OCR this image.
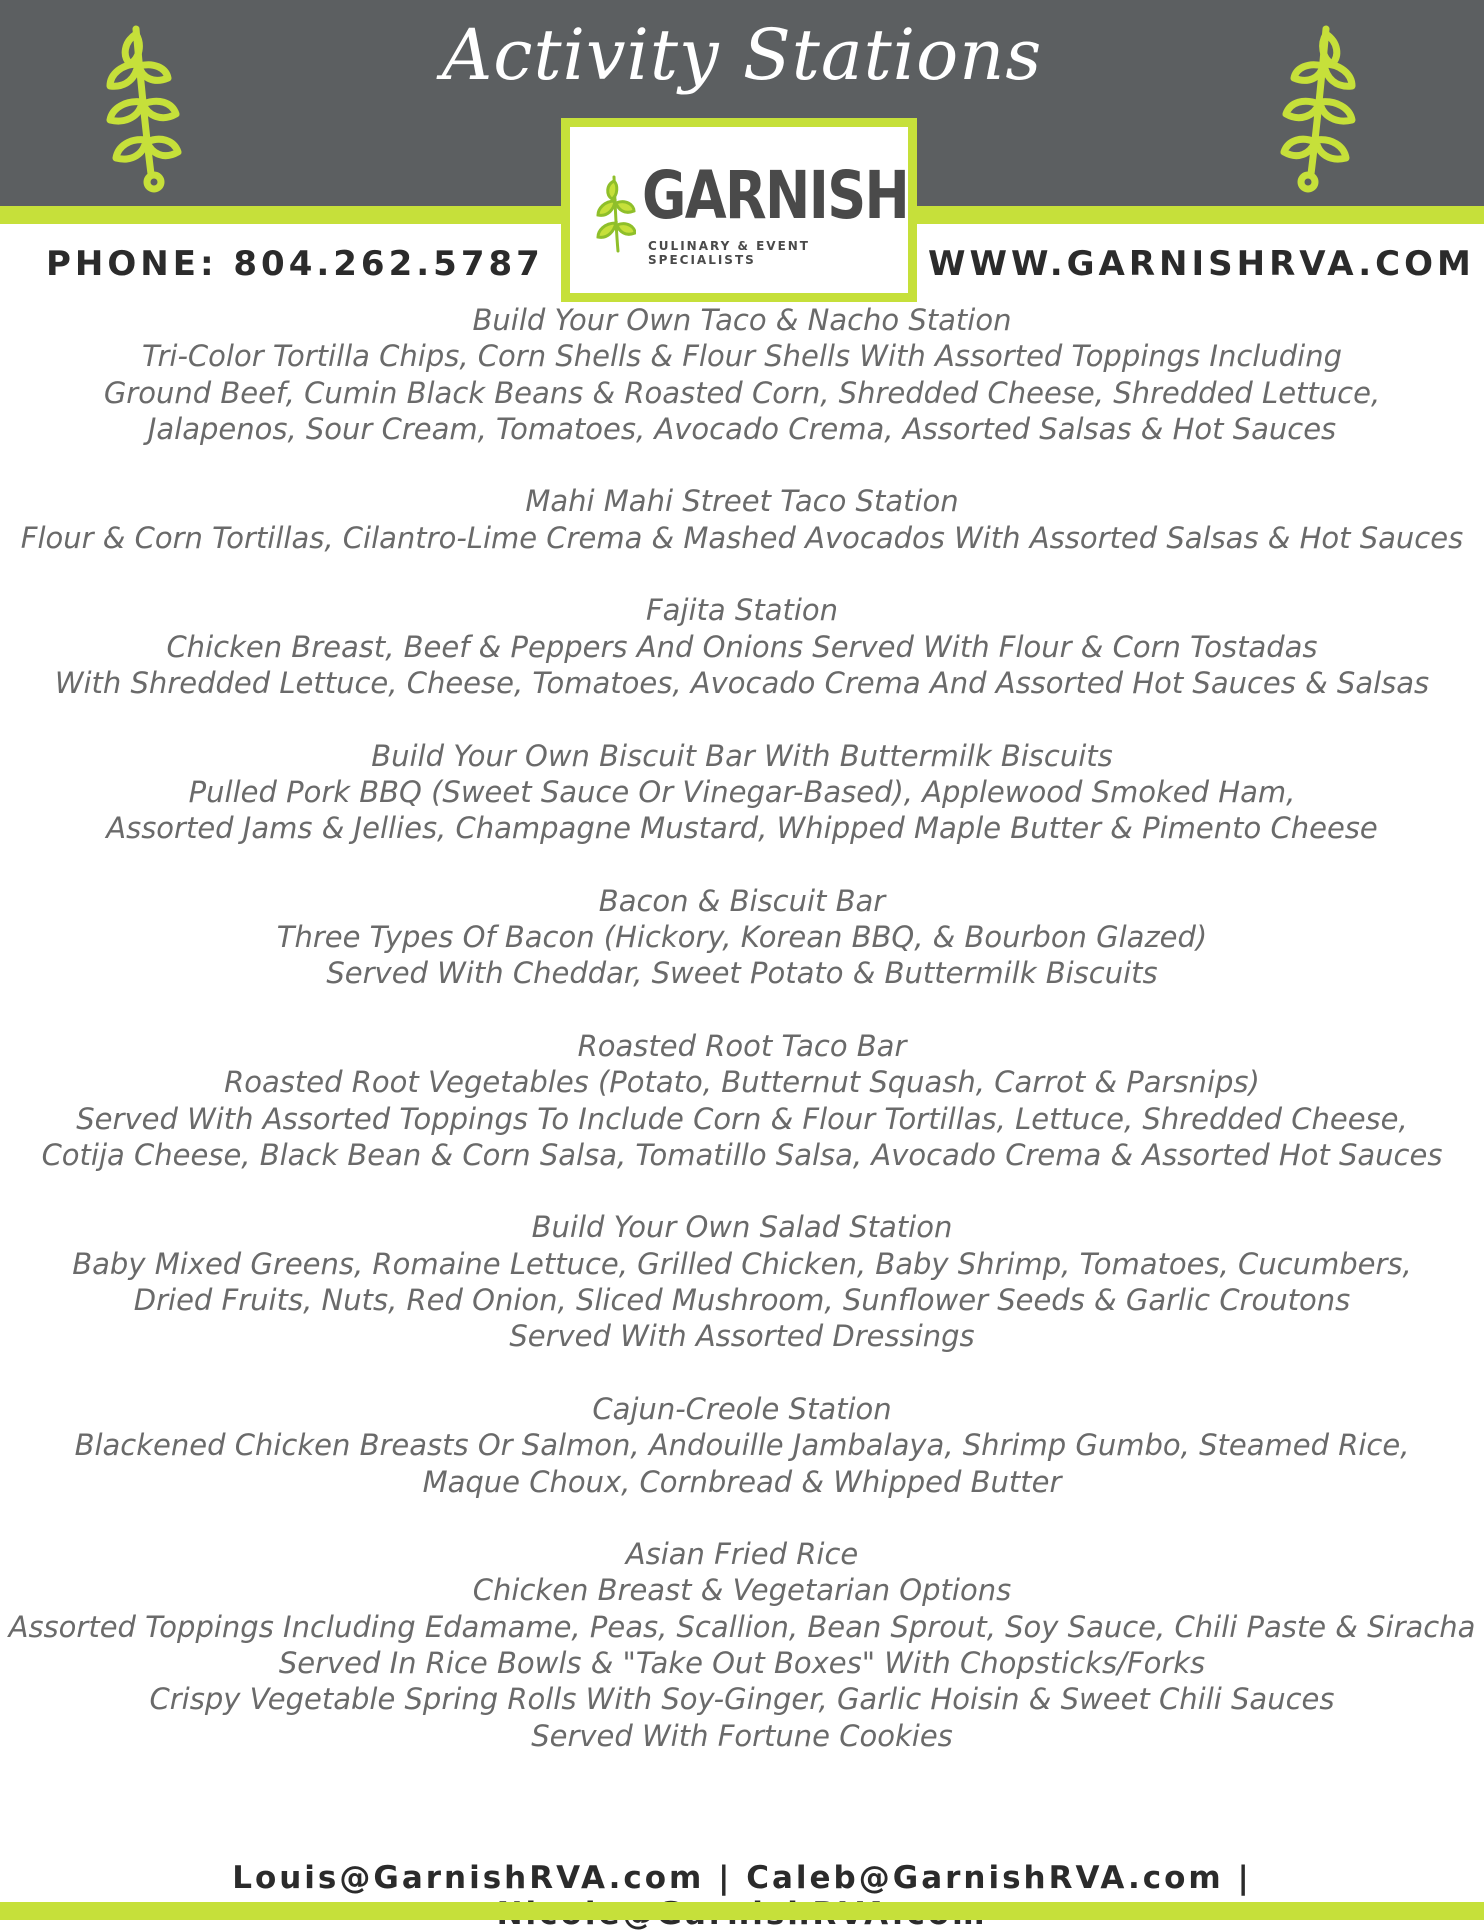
Activity Stations
GARNISH
CULINARY & EVENT SPECIALISTS
PHONE: 804.262.5787	WWW.GARNISHRVA.COM
Build Your Own Taco & Nacho Station
Tri-Color Tortilla Chips, Corn Shells & Flour Shells With Assorted Toppings Including
Ground Beef, Cumin Black Beans & Roasted Corn, Shredded Cheese, Shredded Lettuce,
Jalapenos, Sour Cream, Tomatoes, Avocado Crema, Assorted Salsas & Hot Sauces
Mahi Mahi Street Taco Station
Flour & Corn Tortillas, Cilantro-Lime Crema & Mashed Avocados With Assorted Salsas & Hot Sauces
Fajita Station
Chicken Breast, Beef & Peppers And Onions Served With Flour & Corn Tostadas
With Shredded Lettuce, Cheese, Tomatoes, Avocado Crema And Assorted Hot Sauces & Salsas
Build Your Own Biscuit Bar With Buttermilk Biscuits
Pulled Pork BBQ (Sweet Sauce Or Vinegar-Based), Applewood Smoked Ham,
Assorted Jams & Jellies, Champagne Mustard, Whipped Maple Butter & Pimento Cheese
Bacon & Biscuit Bar
Three Types Of Bacon (Hickory, Korean BBQ, & Bourbon Glazed)
Served With Cheddar, Sweet Potato & Buttermilk Biscuits
Roasted Root Taco Bar
Roasted Root Vegetables (Potato, Butternut Squash, Carrot & Parsnips)
Served With Assorted Toppings To Include Corn & Flour Tortillas, Lettuce, Shredded Cheese,
Cotija Cheese, Black Bean & Corn Salsa, Tomatillo Salsa, Avocado Crema & Assorted Hot Sauces
Build Your Own Salad Station
Baby Mixed Greens, Romaine Lettuce, Grilled Chicken, Baby Shrimp, Tomatoes, Cucumbers,
Dried Fruits, Nuts, Red Onion, Sliced Mushroom, Sunflower Seeds & Garlic Croutons
Served With Assorted Dressings
Cajun-Creole Station
Blackened Chicken Breasts Or Salmon, Andouille Jambalaya, Shrimp Gumbo, Steamed Rice,
Maque Choux, Cornbread & Whipped Butter
Asian Fried Rice
Chicken Breast & Vegetarian Options
Assorted Toppings Including Edamame, Peas, Scallion, Bean Sprout, Soy Sauce, Chili Paste & Siracha
Served In Rice Bowls & "Take Out Boxes" With Chopsticks/Forks
Crispy Vegetable Spring Rolls With Soy-Ginger, Garlic Hoisin & Sweet Chili Sauces
Served With Fortune Cookies
Louis@GarnishRVA.com | Caleb@GarnishRVA.com |
